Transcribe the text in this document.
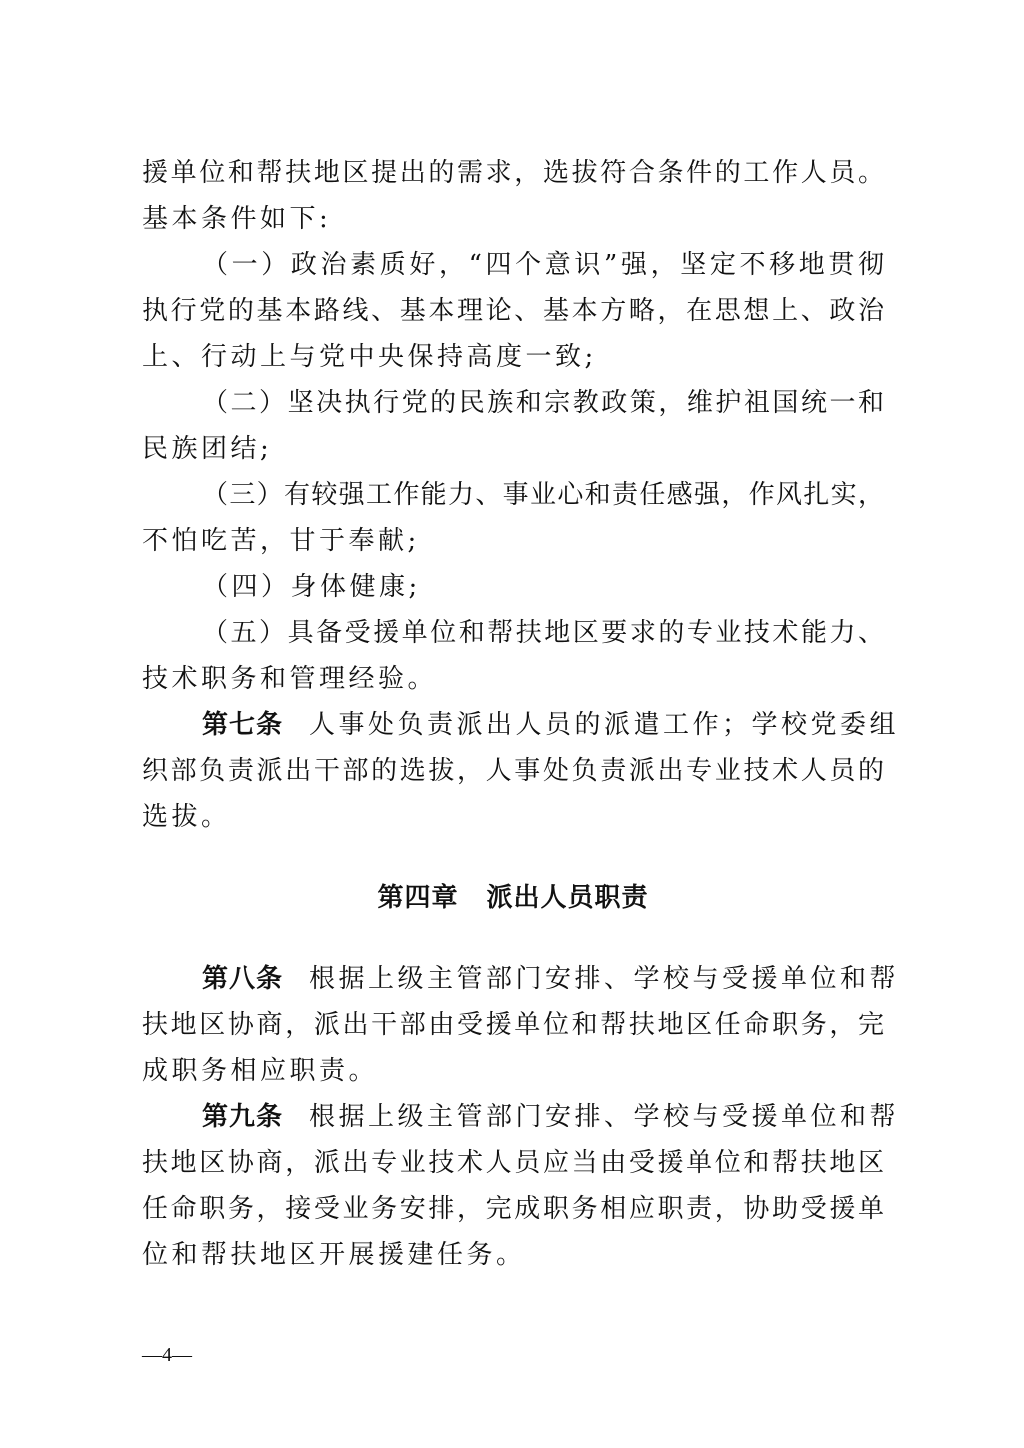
援单位和帮扶地区提出的需求，选拔符合条件的工作人员。
基本条件如下:
（一）政治素质好，“四个意识”强，坚定不移地贯彻
执行党的基本路线、基本理论、基本方略，在思想上、政治
上、行动上与党中央保持高度一致;
（二）坚决执行党的民族和宗教政策，维护祖国统一和
民族团结;
（三）有较强工作能力、事业心和责任感强，作风扎实，
不怕吃苦，甘于奉献;
（四）身体健康;
（五）具备受援单位和帮扶地区要求的专业技术能力、
技术职务和管理经验。
第七条 人事处负责派出人员的派遣工作；学校党委组
织部负责派出干部的选拔，人事处负责派出专业技术人员的
选拔。
第四章 派出人员职责
第八条 根据上级主管部门安排、学校与受援单位和帮
扶地区协商，派出干部由受援单位和帮扶地区任命职务，完
成职务相应职责。
第九条 根据上级主管部门安排、学校与受援单位和帮
扶地区协商，派出专业技术人员应当由受援单位和帮扶地区
任命职务，接受业务安排，完成职务相应职责，协助受援单
位和帮扶地区开展援建任务。
—4—
